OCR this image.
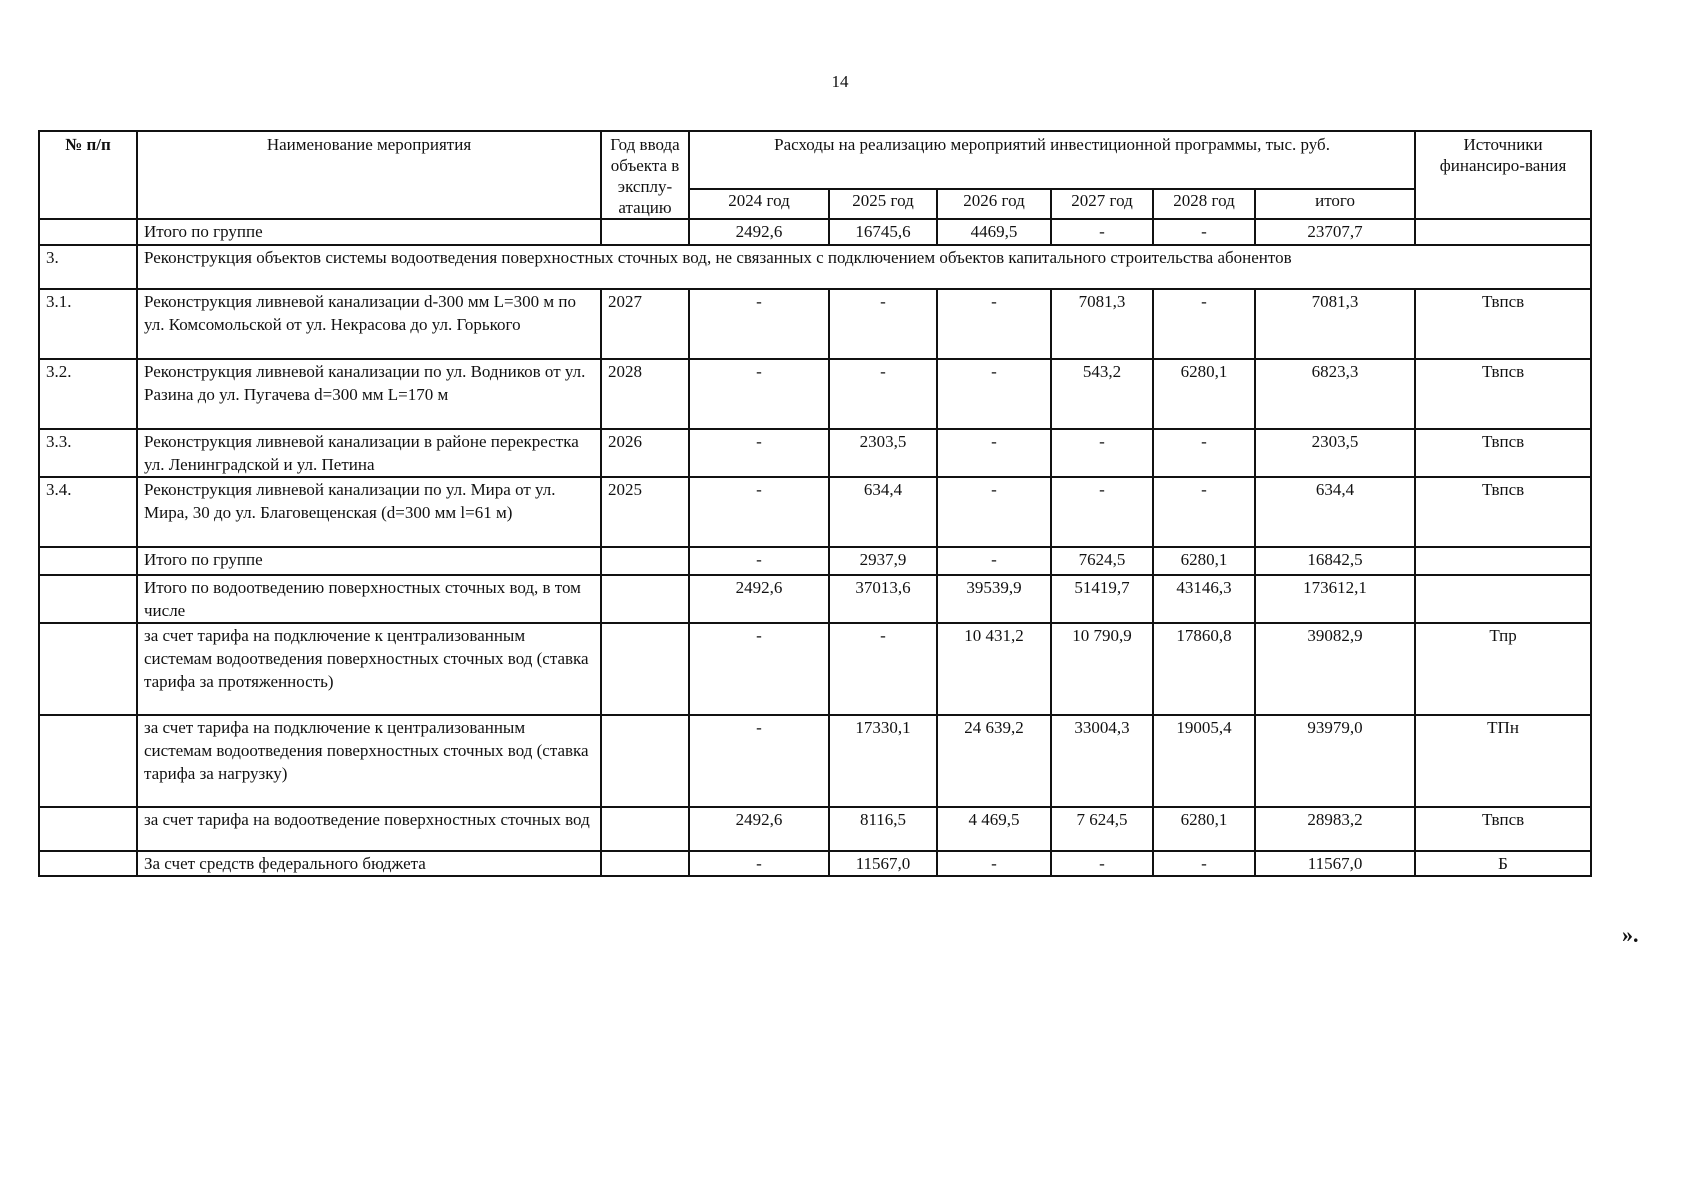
14
№ п/п	Наименование мероприятия	Год ввода объекта в эксплу-атацию	Расходы на реализацию мероприятий инвестиционной программы, тыс. руб.						Источники финансиро-вания
			2024 год	2025 год	2026 год	2027 год	2028 год	итого	
	Итого по группе		2492,6	16745,6	4469,5	-	-	23707,7	
3.	Реконструкция объектов системы водоотведения поверхностных сточных вод, не связанных с подключением объектов капитального строительства абонентов								
3.1.	Реконструкция ливневой канализации d-300 мм L=300 м по ул. Комсомольской от ул. Некрасова до ул. Горького	2027	-	-	-	7081,3	-	7081,3	Твпсв
3.2.	Реконструкция ливневой канализации по ул. Водников от ул. Разина до ул. Пугачева d=300 мм L=170 м	2028	-	-	-	543,2	6280,1	6823,3	Твпсв
3.3.	Реконструкция ливневой канализации в районе перекрестка ул. Ленинградской и ул. Петина	2026	-	2303,5	-	-	-	2303,5	Твпсв
3.4.	Реконструкция ливневой канализации по ул. Мира от ул. Мира, 30 до ул. Благовещенская (d=300 мм l=61 м)	2025	-	634,4	-	-	-	634,4	Твпсв
	Итого по группе		-	2937,9	-	7624,5	6280,1	16842,5	
	Итого по водоотведению поверхностных сточных вод, в том числе		2492,6	37013,6	39539,9	51419,7	43146,3	173612,1	
	за счет тарифа на подключение к централизованным системам водоотведения поверхностных сточных вод (ставка тарифа за протяженность)		-	-	10 431,2	10 790,9	17860,8	39082,9	Тпр
	за счет тарифа на подключение к централизованным системам водоотведения поверхностных сточных вод (ставка тарифа за нагрузку)		-	17330,1	24 639,2	33004,3	19005,4	93979,0	ТПн
	за счет тарифа на водоотведение поверхностных сточных вод		2492,6	8116,5	4 469,5	7 624,5	6280,1	28983,2	Твпсв
	За счет средств федерального бюджета		-	11567,0	-	-	-	11567,0	Б
».
